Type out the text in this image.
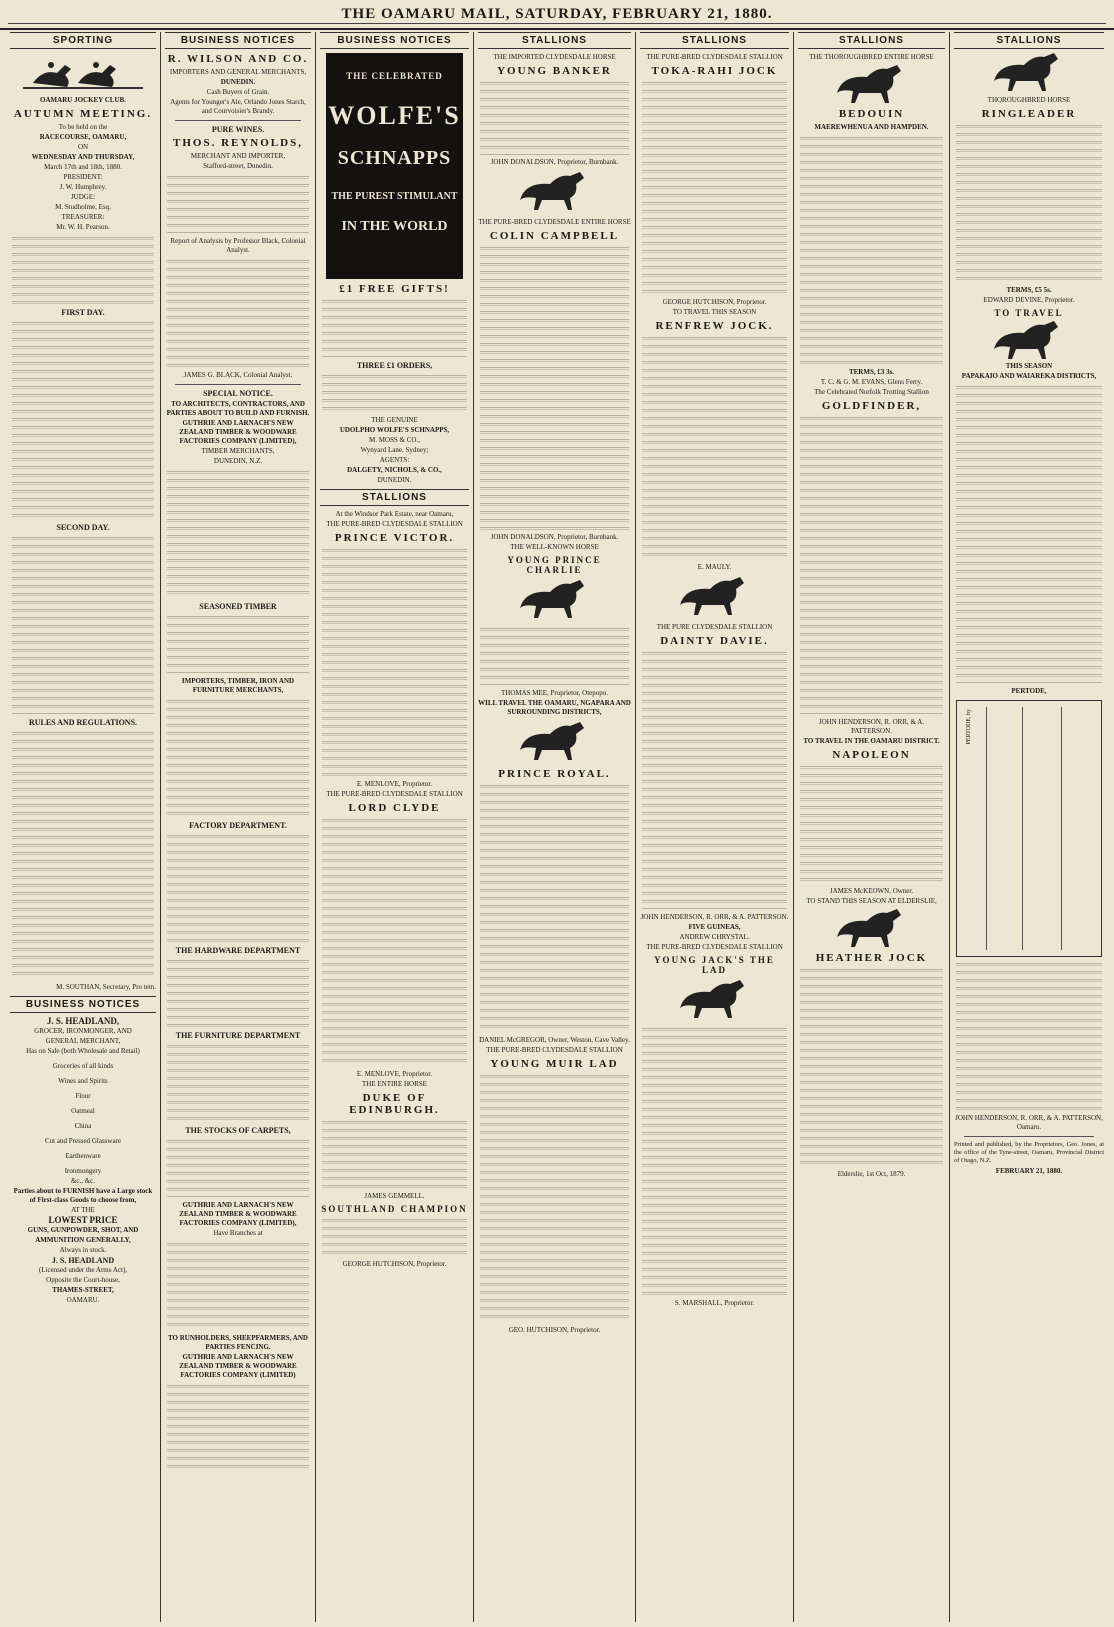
THE OAMARU MAIL, SATURDAY, FEBRUARY 21, 1880.
SPORTING
OAMARU JOCKEY CLUB.
AUTUMN MEETING.
To be held on the
RACECOURSE, OAMARU,
ON
WEDNESDAY AND THURSDAY,
March 17th and 18th, 1880.
PRESIDENT:
J. W. Humphrey.
JUDGE:
M. Studholme, Esq.
TREASURER:
Mr. W. H. Pearson.
FIRST DAY.
SECOND DAY.
RULES AND REGULATIONS.
M. SOUTHAN, Secretary, Pro tem.
BUSINESS NOTICES
J. S. HEADLAND,
GROCER, IRONMONGER, AND
GENERAL MERCHANT,
Has on Sale (both Wholesale and Retail)
Groceries of all kinds
Wines and Spirits
Flour
Oatmeal
China
Cut and Pressed Glassware
Earthenware
Ironmongery
&c., &c.
Parties about to FURNISH have a Large stock of First-class Goods to choose from,
AT THE
LOWEST PRICE
GUNS, GUNPOWDER, SHOT, AND
AMMUNITION GENERALLY,
Always in stock.
J. S. HEADLAND
(Licensed under the Arms Act),
Opposite the Court-house,
THAMES-STREET,
OAMARU.
BUSINESS NOTICES
R. WILSON AND CO.
IMPORTERS AND GENERAL MERCHANTS,
DUNEDIN.
Cash Buyers of Grain.
Agents for Younger's Ale, Orlando Jones Starch, and Courvoisier's Brandy.
PURE WINES.
THOS. REYNOLDS,
MERCHANT AND IMPORTER,
Stafford-street, Dunedin.
Report of Analysis by Professor Black, Colonial Analyst.
JAMES G. BLACK, Colonial Analyst.
SPECIAL NOTICE.
TO ARCHITECTS, CONTRACTORS, AND PARTIES ABOUT TO BUILD AND FURNISH.
GUTHRIE AND LARNACH'S NEW ZEALAND TIMBER & WOODWARE FACTORIES COMPANY (LIMITED),
TIMBER MERCHANTS,
DUNEDIN, N.Z.
SEASONED TIMBER
IMPORTERS, TIMBER, IRON AND FURNITURE MERCHANTS,
FACTORY DEPARTMENT.
THE HARDWARE DEPARTMENT
THE FURNITURE DEPARTMENT
THE STOCKS OF CARPETS,
GUTHRIE AND LARNACH'S NEW ZEALAND TIMBER & WOODWARE FACTORIES COMPANY (LIMITED),
Have Branches at
TO RUNHOLDERS, SHEEPFARMERS, AND PARTIES FENCING.
GUTHRIE AND LARNACH'S NEW ZEALAND TIMBER & WOODWARE FACTORIES COMPANY (LIMITED)
BUSINESS NOTICES
THE CELEBRATED
WOLFE'S
SCHNAPPS
THE PUREST STIMULANT
IN THE WORLD
£1 FREE GIFTS!
THREE £1 ORDERS,
THE GENUINE
UDOLPHO WOLFE'S SCHNAPPS,
M. MOSS & CO.,
Wynyard Lane, Sydney;
AGENTS:
DALGETY, NICHOLS, & CO.,
DUNEDIN.
STALLIONS
At the Windsor Park Estate, near Oamaru,
THE PURE-BRED CLYDESDALE STALLION
PRINCE VICTOR.
E. MENLOVE, Proprietor.
THE PURE-BRED CLYDESDALE STALLION
LORD CLYDE
E. MENLOVE, Proprietor.
THE ENTIRE HORSE
DUKE OF EDINBURGH.
JAMES GEMMELL.
SOUTHLAND CHAMPION
GEORGE HUTCHISON, Proprietor.
STALLIONS
THE IMPORTED CLYDESDALE HORSE
YOUNG BANKER
JOHN DONALDSON, Proprietor, Burnbank.
THE PURE-BRED CLYDESDALE ENTIRE HORSE
COLIN CAMPBELL
JOHN DONALDSON, Proprietor, Burnbank.
THE WELL-KNOWN HORSE
YOUNG PRINCE CHARLIE
THOMAS MEE, Proprietor, Otepopo.
WILL TRAVEL THE OAMARU, NGAPARA AND SURROUNDING DISTRICTS,
PRINCE ROYAL.
DANIEL McGREGOR, Owner, Weston, Cave Valley.
THE PURE-BRED CLYDESDALE STALLION
YOUNG MUIR LAD
GEO. HUTCHISON, Proprietor.
STALLIONS
THE PURE-BRED CLYDESDALE STALLION
TOKA-RAHI JOCK
GEORGE HUTCHISON, Proprietor.
TO TRAVEL THIS SEASON
RENFREW JOCK.
E. MAULY.
THE PURE CLYDESDALE STALLION
DAINTY DAVIE.
JOHN HENDERSON, R. ORR, & A. PATTERSON.
FIVE GUINEAS,
ANDREW CHRYSTAL.
THE PURE-BRED CLYDESDALE STALLION
YOUNG JACK'S THE LAD
S. MARSHALL, Proprietor.
STALLIONS
THE THOROUGHBRED ENTIRE HORSE
BEDOUIN
MAEREWHENUA AND HAMPDEN.
TERMS, £3 3s.
T. C. & G. M. EVANS, Glens Ferry.
The Celebrated Norfolk Trotting Stallion
GOLDFINDER,
JOHN HENDERSON, R. ORR, & A. PATTERSON.
TO TRAVEL IN THE OAMARU DISTRICT.
NAPOLEON
JAMES McKEOWN, Owner.
TO STAND THIS SEASON AT ELDERSLIE,
HEATHER JOCK
Elderslie, 1st Oct, 1879.
STALLIONS
THOROUGHBRED HORSE
RINGLEADER
TERMS, £5 5s.
EDWARD DEVINE, Proprietor.
TO TRAVEL
THIS SEASON
PAPAKAIO AND WAIAREKA DISTRICTS,
PERTODE,
PERTODE, by
JOHN HENDERSON, R. ORR, & A. PATTERSON, Oamaru.
Printed and published, by the Proprietors, Geo. Jones, at the office of the Tyne-street, Oamaru, Provincial District of Otago, N.Z.
FEBRUARY 21, 1880.
